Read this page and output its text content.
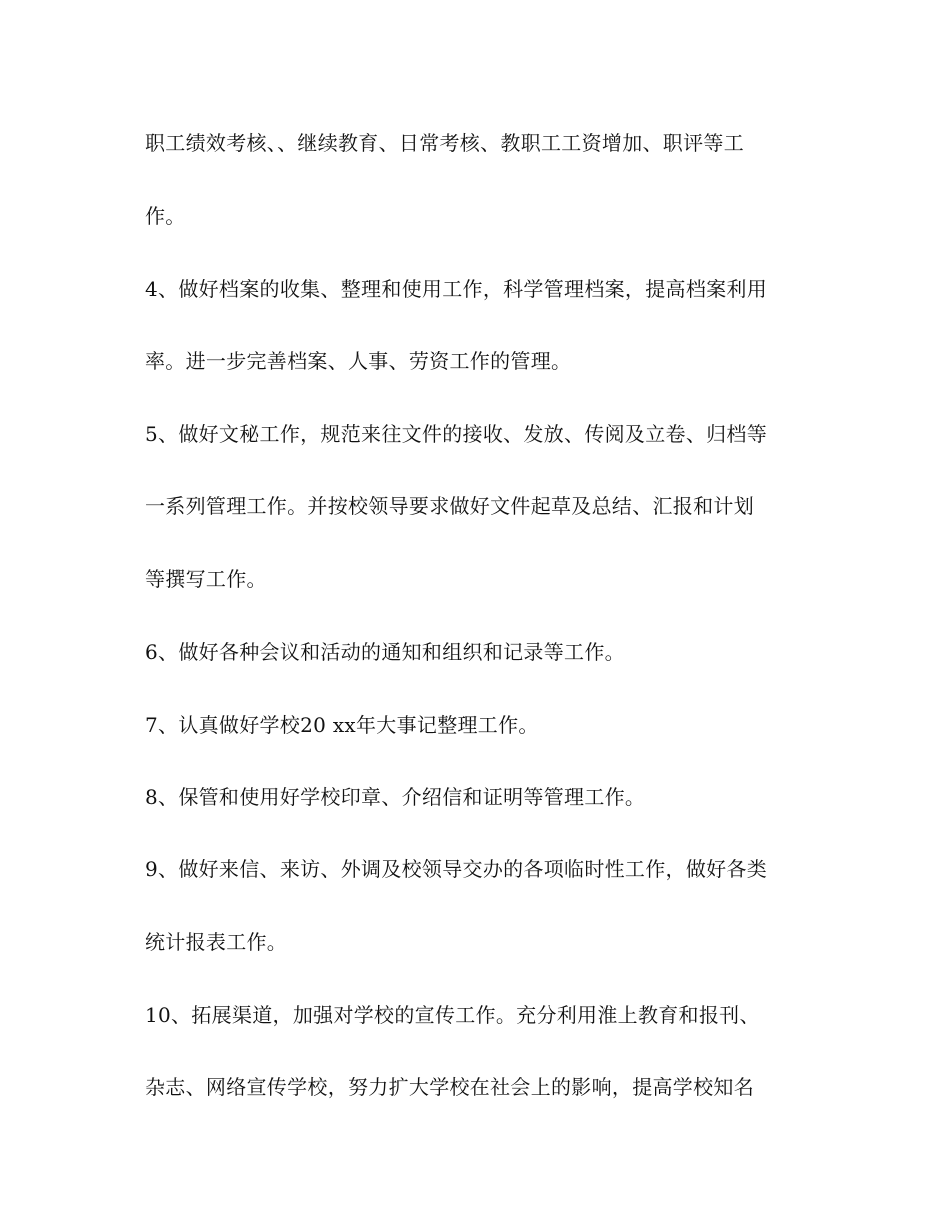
职工绩效考核、、继续教育、日常考核、教职工工资增加、职评等工
作。
4、做好档案的收集、整理和使用工作，科学管理档案，提高档案利用
率。进一步完善档案、人事、劳资工作的管理。
5、做好文秘工作，规范来往文件的接收、发放、传阅及立卷、归档等
一系列管理工作。并按校领导要求做好文件起草及总结、汇报和计划
等撰写工作。
6、做好各种会议和活动的通知和组织和记录等工作。
7、认真做好学校20 xx年大事记整理工作。
8、保管和使用好学校印章、介绍信和证明等管理工作。
9、做好来信、来访、外调及校领导交办的各项临时性工作，做好各类
统计报表工作。
10、拓展渠道，加强对学校的宣传工作。充分利用淮上教育和报刊、
杂志、网络宣传学校，努力扩大学校在社会上的影响，提高学校知名
